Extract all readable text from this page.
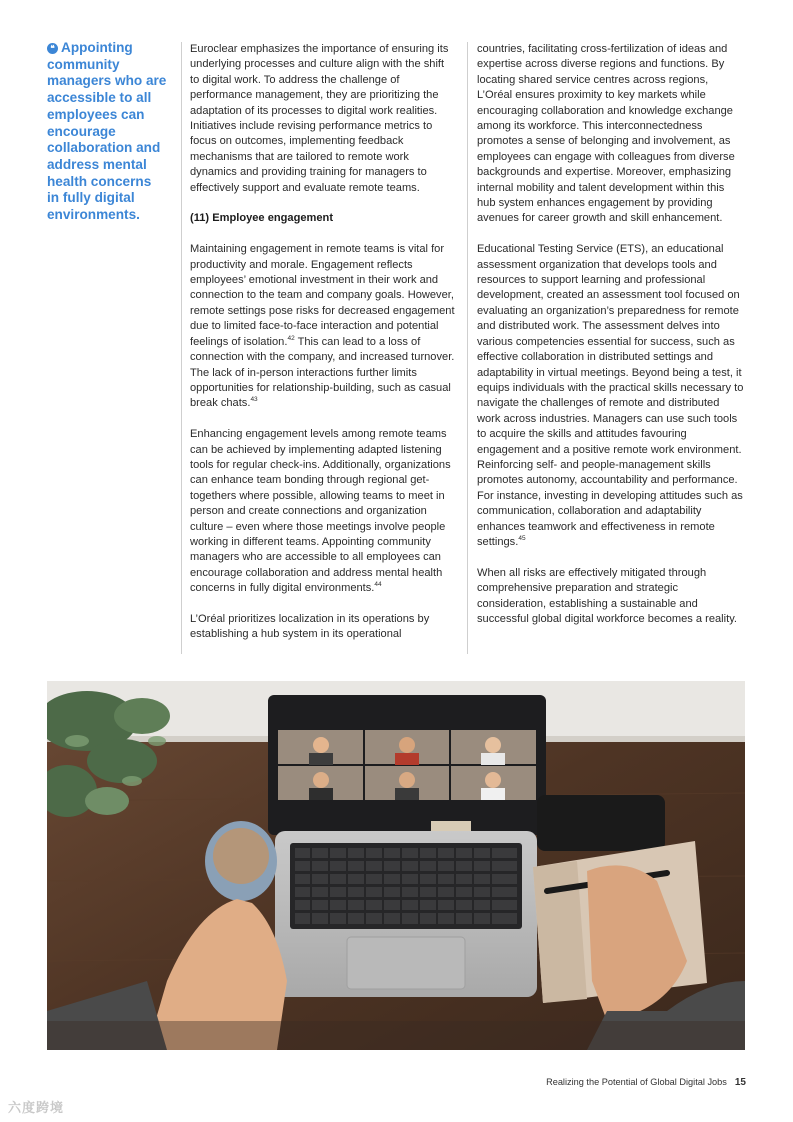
❝ Appointing community managers who are accessible to all employees can encourage collaboration and address mental health concerns in fully digital environments.

Euroclear emphasizes the importance of ensuring its underlying processes and culture align with the shift to digital work. To address the challenge of performance management, they are prioritizing the adaptation of its processes to digital work realities. Initiatives include revising performance metrics to focus on outcomes, implementing feedback mechanisms that are tailored to remote work dynamics and providing training for managers to effectively support and evaluate remote teams.

(11) Employee engagement

Maintaining engagement in remote teams is vital for productivity and morale. Engagement reflects employees’ emotional investment in their work and connection to the team and company goals. However, remote settings pose risks for decreased engagement due to limited face-to-face interaction and potential feelings of isolation.$^{42}$ This can lead to a loss of connection with the company, and increased turnover. The lack of in-person interactions further limits opportunities for relationship-building, such as casual break chats.$^{43}$

Enhancing engagement levels among remote teams can be achieved by implementing adapted listening tools for regular check-ins. Additionally, organizations can enhance team bonding through regional get-togethers where possible, allowing teams to meet in person and create connections and organization culture – even where those meetings involve people working in different teams. Appointing community managers who are accessible to all employees can encourage collaboration and address mental health concerns in fully digital environments.$^{44}$

L’Oréal prioritizes localization in its operations by establishing a hub system in its operational

countries, facilitating cross-fertilization of ideas and expertise across diverse regions and functions. By locating shared service centres across regions, L’Oréal ensures proximity to key markets while encouraging collaboration and knowledge exchange among its workforce. This interconnectedness promotes a sense of belonging and involvement, as employees can engage with colleagues from diverse backgrounds and expertise. Moreover, emphasizing internal mobility and talent development within this hub system enhances engagement by providing avenues for career growth and skill enhancement.

Educational Testing Service (ETS), an educational assessment organization that develops tools and resources to support learning and professional development, created an assessment tool focused on evaluating an organization’s preparedness for remote and distributed work. The assessment delves into various competencies essential for success, such as effective collaboration in distributed settings and adaptability in virtual meetings. Beyond being a test, it equips individuals with the practical skills necessary to navigate the challenges of remote and distributed work across industries. Managers can use such tools to acquire the skills and attitudes favouring engagement and a positive remote work environment. Reinforcing self- and people-management skills promotes autonomy, accountability and performance. For instance, investing in developing attitudes such as communication, collaboration and adaptability enhances teamwork and effectiveness in remote settings.$^{45}$

When all risks are effectively mitigated through comprehensive preparation and strategic consideration, establishing a sustainable and successful global digital workforce becomes a reality.

Realizing the Potential of Global Digital Jobs 15
六度跨境
